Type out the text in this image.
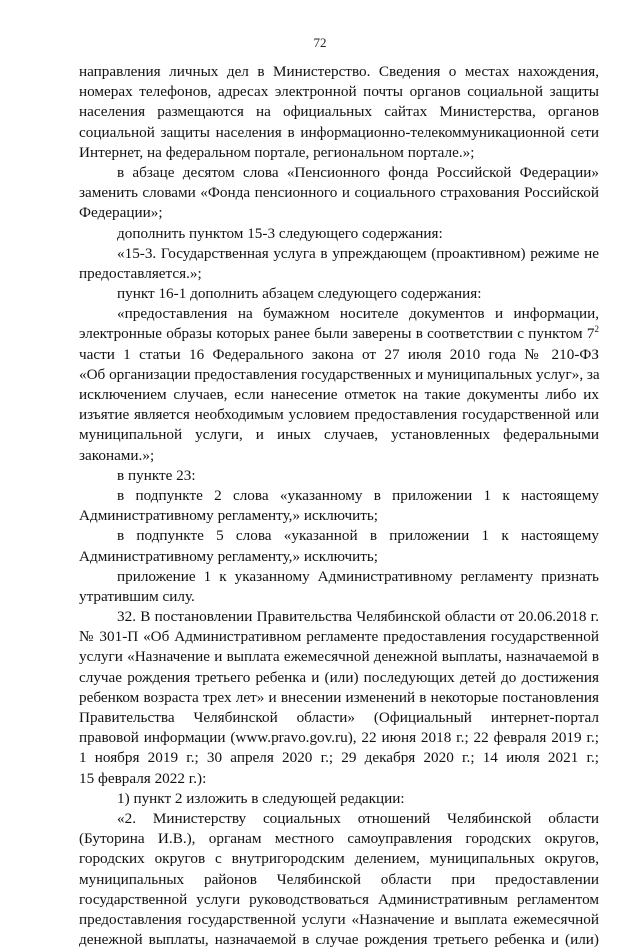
72
направления личных дел в Министерство. Сведения о местах нахождения,
номерах телефонов, адресах электронной почты органов социальной защиты
населения размещаются на официальных сайтах Министерства, органов
социальной защиты населения в информационно-телекоммуникационной сети
Интернет, на федеральном портале, региональном портале.»;
в абзаце десятом слова «Пенсионного фонда Российской Федерации»
заменить словами «Фонда пенсионного и социального страхования Российской
Федерации»;
дополнить пунктом 15-3 следующего содержания:
«15-3. Государственная услуга в упреждающем (проактивном) режиме не
предоставляется.»;
пункт 16-1 дополнить абзацем следующего содержания:
«предоставления на бумажном носителе документов и информации,
электронные образы которых ранее были заверены в соответствии с пунктом $7^2$
части 1 статьи 16 Федерального закона от 27 июля 2010 года № 210-ФЗ
«Об организации предоставления государственных и муниципальных услуг», за
исключением случаев, если нанесение отметок на такие документы либо их
изъятие является необходимым условием предоставления государственной или
муниципальной услуги, и иных случаев, установленных федеральными
законами.»;
в пункте 23:
в подпункте 2 слова «указанному в приложении 1 к настоящему
Административному регламенту,» исключить;
в подпункте 5 слова «указанной в приложении 1 к настоящему
Административному регламенту,» исключить;
приложение 1 к указанному Административному регламенту признать
утратившим силу.
32. В постановлении Правительства Челябинской области от 20.06.2018 г.
№ 301-П «Об Административном регламенте предоставления государственной
услуги «Назначение и выплата ежемесячной денежной выплаты, назначаемой в
случае рождения третьего ребенка и (или) последующих детей до достижения
ребенком возраста трех лет» и внесении изменений в некоторые постановления
Правительства Челябинской области» (Официальный интернет-портал
правовой информации (www.pravo.gov.ru), 22 июня 2018 г.; 22 февраля 2019 г.;
1 ноября 2019 г.; 30 апреля 2020 г.; 29 декабря 2020 г.; 14 июля 2021 г.;
15 февраля 2022 г.):
1) пункт 2 изложить в следующей редакции:
«2. Министерству социальных отношений Челябинской области
(Буторина И.В.), органам местного самоуправления городских округов,
городских округов с внутригородским делением, муниципальных округов,
муниципальных районов Челябинской области при предоставлении
государственной услуги руководствоваться Административным регламентом
предоставления государственной услуги «Назначение и выплата ежемесячной
денежной выплаты, назначаемой в случае рождения третьего ребенка и (или)
